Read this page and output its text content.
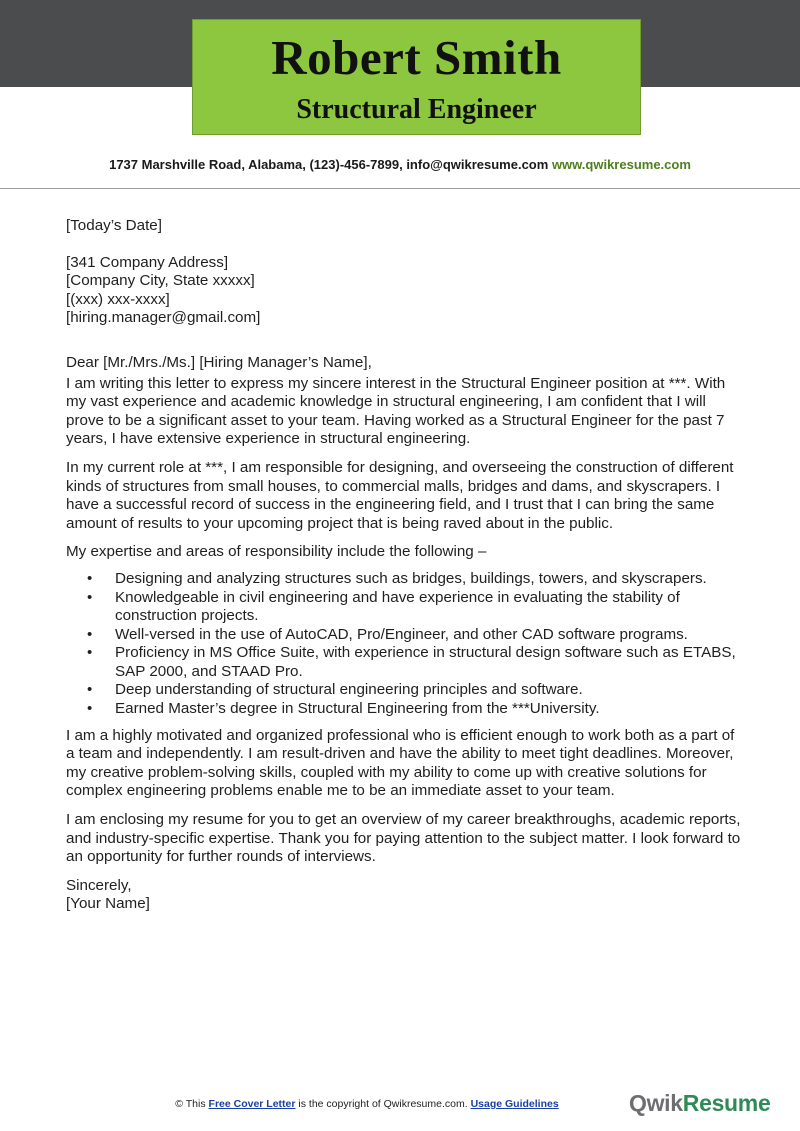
Robert Smith
Structural Engineer
1737 Marshville Road, Alabama, (123)-456-7899, info@qwikresume.com www.qwikresume.com

[Today’s Date]

[341 Company Address]
[Company City, State xxxxx]
[(xxx) xxx-xxxx]
[hiring.manager@gmail.com]

Dear [Mr./Mrs./Ms.] [Hiring Manager’s Name],

I am writing this letter to express my sincere interest in the Structural Engineer position at ***. With my vast experience and academic knowledge in structural engineering, I am confident that I will prove to be a significant asset to your team. Having worked as a Structural Engineer for the past 7 years, I have extensive experience in structural engineering.

In my current role at ***, I am responsible for designing, and overseeing the construction of different kinds of structures from small houses, to commercial malls, bridges and dams, and skyscrapers. I have a successful record of success in the engineering field, and I trust that I can bring the same amount of results to your upcoming project that is being raved about in the public.

My expertise and areas of responsibility include the following –

• Designing and analyzing structures such as bridges, buildings, towers, and skyscrapers.
• Knowledgeable in civil engineering and have experience in evaluating the stability of construction projects.
• Well-versed in the use of AutoCAD, Pro/Engineer, and other CAD software programs.
• Proficiency in MS Office Suite, with experience in structural design software such as ETABS, SAP 2000, and STAAD Pro.
• Deep understanding of structural engineering principles and software.
• Earned Master’s degree in Structural Engineering from the ***University.

I am a highly motivated and organized professional who is efficient enough to work both as a part of a team and independently. I am result-driven and have the ability to meet tight deadlines. Moreover, my creative problem-solving skills, coupled with my ability to come up with creative solutions for complex engineering problems enable me to be an immediate asset to your team.

I am enclosing my resume for you to get an overview of my career breakthroughs, academic reports, and industry-specific expertise. Thank you for paying attention to the subject matter. I look forward to an opportunity for further rounds of interviews.

Sincerely,
[Your Name]
© This Free Cover Letter is the copyright of Qwikresume.com. Usage Guidelines	QwikResume
